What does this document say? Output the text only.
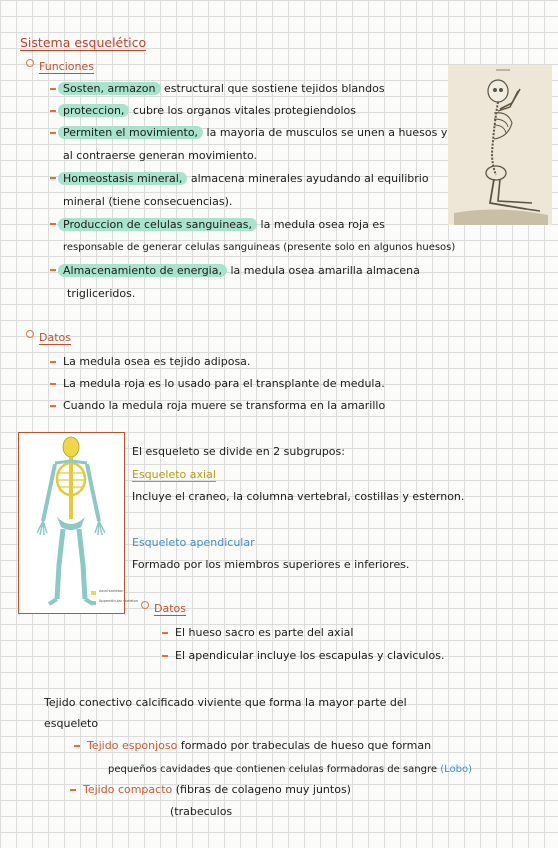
Sistema esquelético
Funciones
Sosten, armazon estructural que sostiene tejidos blandos
proteccion, cubre los organos vitales protegiendolos
Permiten el movimiento, la mayoria de musculos se unen a huesos y
al contraerse generan movimiento.
Homeostasis mineral, almacena minerales ayudando al equilibrio
mineral (tiene consecuencias).
Produccion de celulas sanguineas, la medula osea roja es
responsable de generar celulas sanguineas (presente solo en algunos huesos)
Almacenamiento de energia, la medula osea amarilla almacena
trigliceridos.
Datos
La medula osea es tejido adiposa.
La medula roja es lo usado para el transplante de medula.
Cuando la medula roja muere se transforma en la amarillo
Axial skeleton
Appendicular skeleton
El esqueleto se divide en 2 subgrupos:
Esqueleto axial
Incluye el craneo, la columna vertebral, costillas y esternon.
Esqueleto apendicular
Formado por los miembros superiores e inferiores.
Datos
El hueso sacro es parte del axial
El apendicular incluye los escapulas y claviculos.
Tejido conectivo calcificado viviente que forma la mayor parte del
esqueleto
Tejido esponjoso formado por trabeculas de hueso que forman
pequeños cavidades que contienen celulas formadoras de sangre (Lobo)
Tejido compacto (fibras de colageno muy juntos)
(trabeculos
